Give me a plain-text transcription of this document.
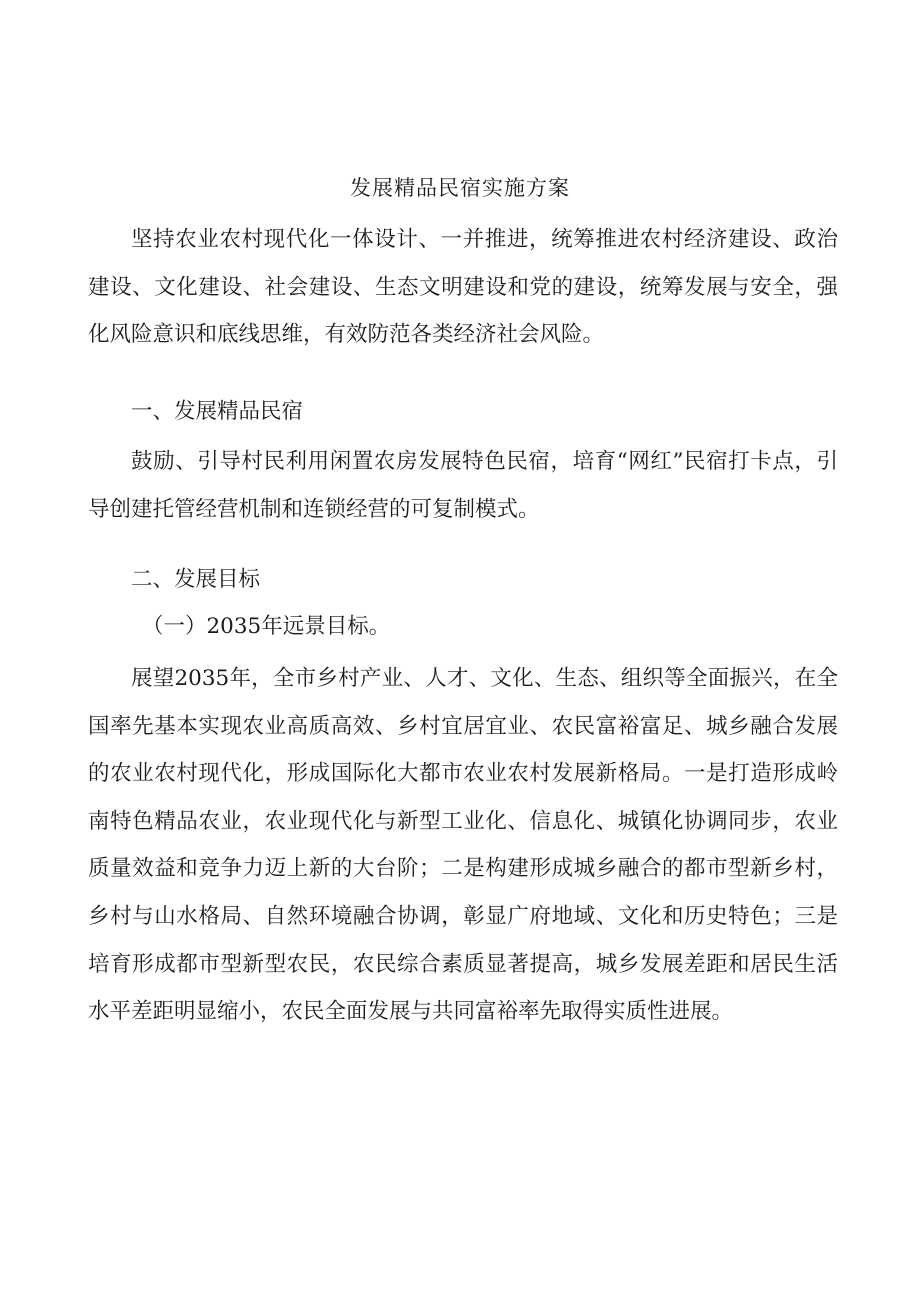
发展精品民宿实施方案

坚持农业农村现代化一体设计、一并推进，统筹推进农村经济建设、政治建设、文化建设、社会建设、生态文明建设和党的建设，统筹发展与安全，强化风险意识和底线思维，有效防范各类经济社会风险。

一、发展精品民宿

鼓励、引导村民利用闲置农房发展特色民宿，培育“网红”民宿打卡点，引导创建托管经营机制和连锁经营的可复制模式。

二、发展目标
（一）2035年远景目标。

展望2035年，全市乡村产业、人才、文化、生态、组织等全面振兴，在全国率先基本实现农业高质高效、乡村宜居宜业、农民富裕富足、城乡融合发展的农业农村现代化，形成国际化大都市农业农村发展新格局。一是打造形成岭南特色精品农业，农业现代化与新型工业化、信息化、城镇化协调同步，农业质量效益和竞争力迈上新的大台阶；二是构建形成城乡融合的都市型新乡村，乡村与山水格局、自然环境融合协调，彰显广府地域、文化和历史特色；三是培育形成都市型新型农民，农民综合素质显著提高，城乡发展差距和居民生活水平差距明显缩小，农民全面发展与共同富裕率先取得实质性进展。
